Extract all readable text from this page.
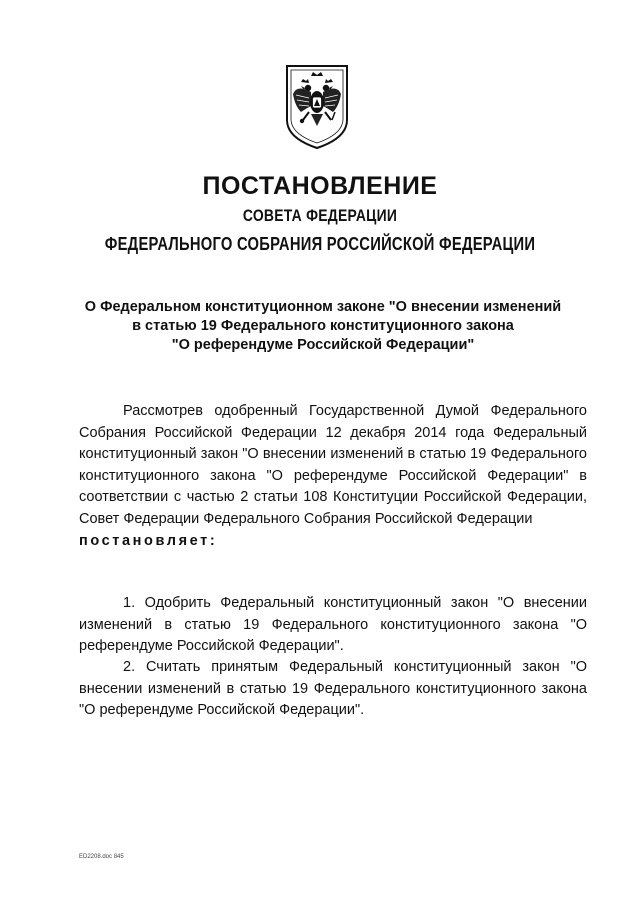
ПОСТАНОВЛЕНИЕ
СОВЕТА ФЕДЕРАЦИИ
ФЕДЕРАЛЬНОГО СОБРАНИЯ РОССИЙСКОЙ ФЕДЕРАЦИИ
О Федеральном конституционном законе "О внесении изменений
в статью 19 Федерального конституционного закона
"О референдуме Российской Федерации"
Рассмотрев одобренный Государственной Думой Федерального Собрания Российской Федерации 12 декабря 2014 года Федеральный конституционный закон "О внесении изменений в статью 19 Федерального конституционного закона "О референдуме Российской Федерации" в соответствии с частью 2 статьи 108 Конституции Российской Федерации, Совет Федерации Федерального Собрания Российской Федерации
постановляет:
1. Одобрить Федеральный конституционный закон "О внесении изменений в статью 19 Федерального конституционного закона "О референдуме Российской Федерации".
2. Считать принятым Федеральный конституционный закон "О внесении изменений в статью 19 Федерального конституционного закона "О референдуме Российской Федерации".
ED2208.doc 845
